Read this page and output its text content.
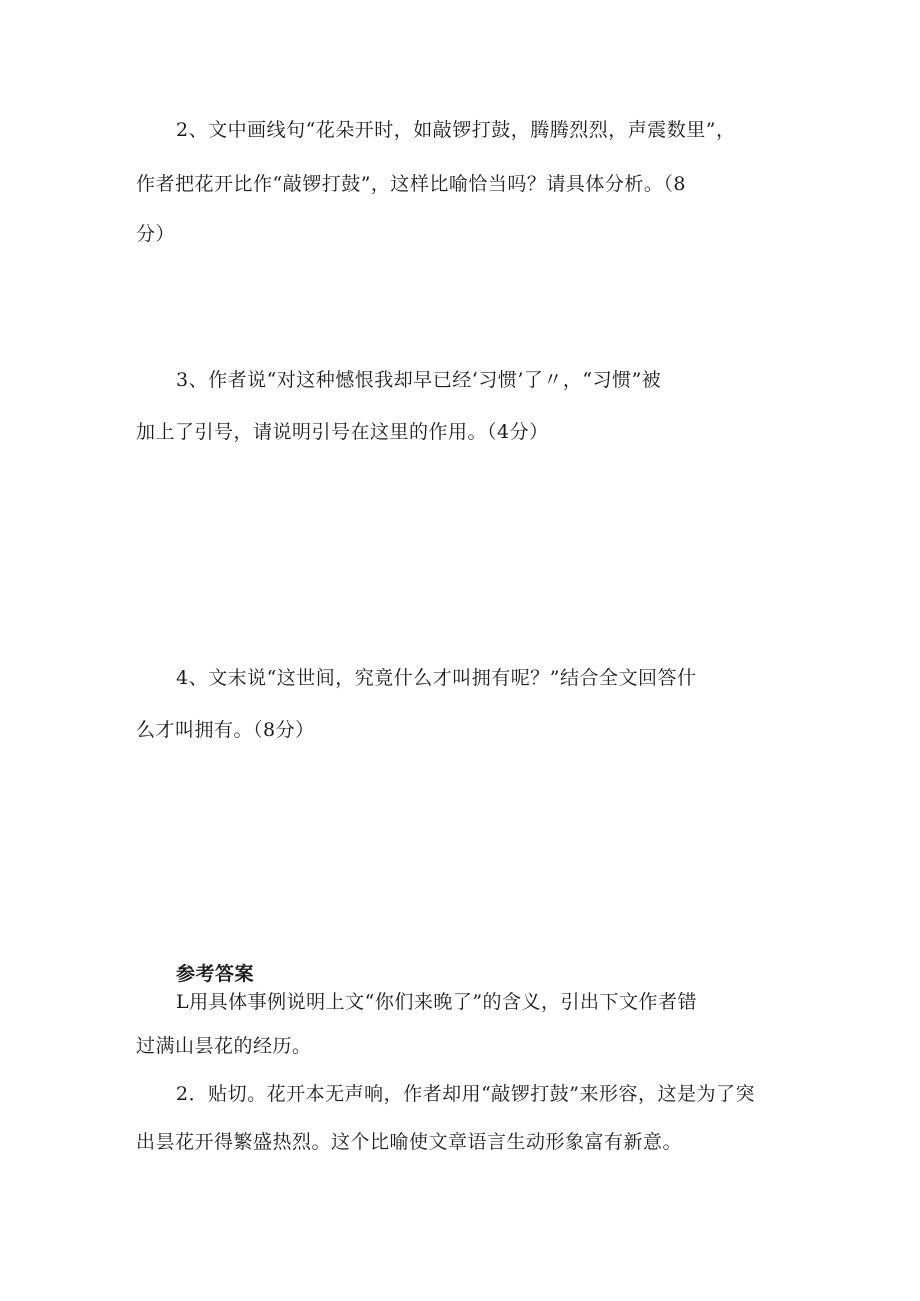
2、文中画线句“花朵开时，如敲锣打鼓，腾腾烈烈，声震数里”，
作者把花开比作“敲锣打鼓”，这样比喻恰当吗？请具体分析。（8
分）
3、作者说“对这种憾恨我却早已经‘习惯’了〃，“习惯”被
加上了引号，请说明引号在这里的作用。（4分）
4、文末说“这世间，究竟什么才叫拥有呢？”结合全文回答什
么才叫拥有。（8分）
参考答案
L用具体事例说明上文“你们来晚了”的含义，引出下文作者错
过满山昙花的经历。
2．贴切。花开本无声响，作者却用“敲锣打鼓”来形容，这是为了突
出昙花开得繁盛热烈。这个比喻使文章语言生动形象富有新意。
